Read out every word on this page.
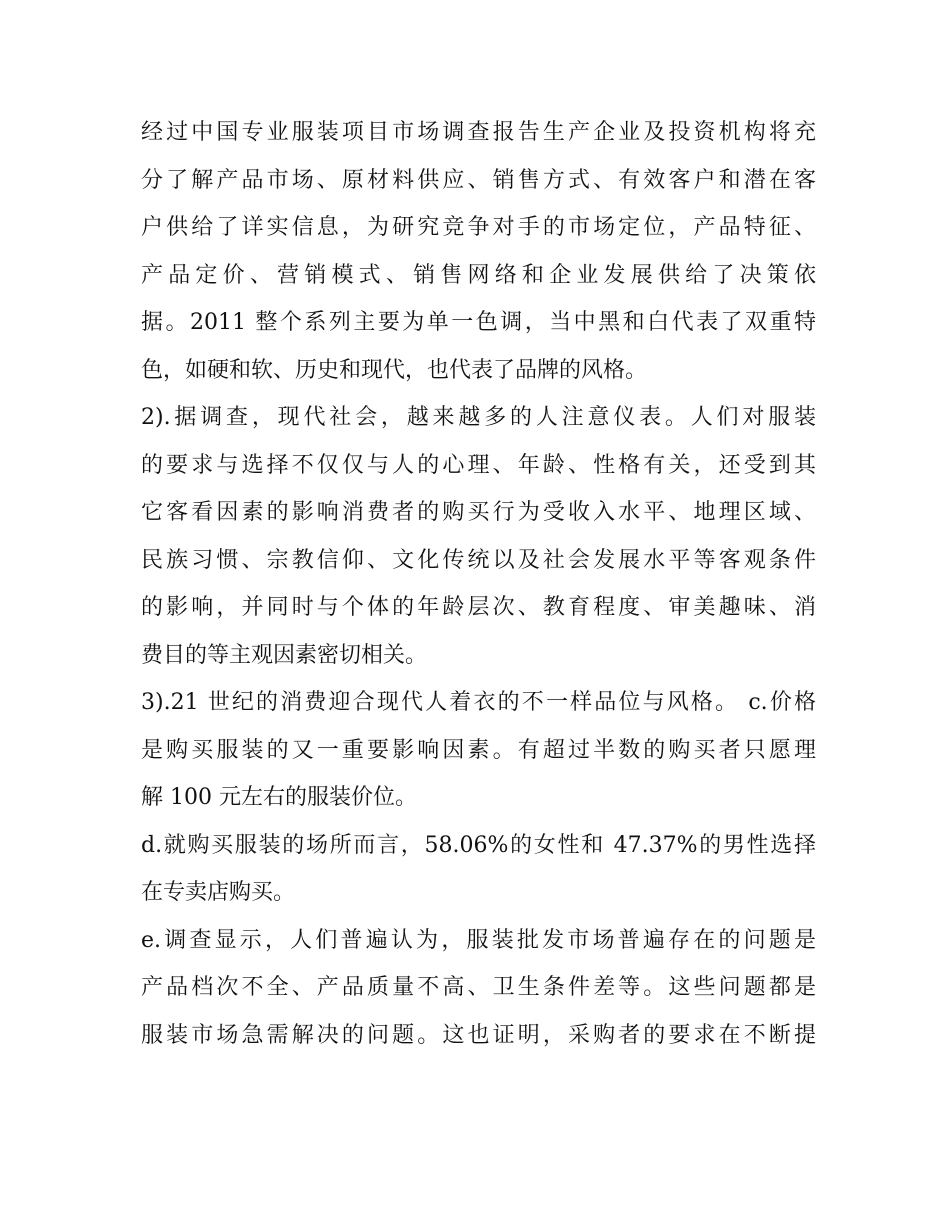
经过中国专业服装项目市场调查报告生产企业及投资机构将充
分了解产品市场、原材料供应、销售方式、有效客户和潜在客
户供给了详实信息，为研究竞争对手的市场定位，产品特征、
产品定价、营销模式、销售网络和企业发展供给了决策依
据。2011 整个系列主要为单一色调，当中黑和白代表了双重特
色，如硬和软、历史和现代，也代表了品牌的风格。
2).据调查，现代社会，越来越多的人注意仪表。人们对服装
的要求与选择不仅仅与人的心理、年龄、性格有关，还受到其
它客看因素的影响消费者的购买行为受收入水平、地理区域、
民族习惯、宗教信仰、文化传统以及社会发展水平等客观条件
的影响，并同时与个体的年龄层次、教育程度、审美趣味、消
费目的等主观因素密切相关。
3).21 世纪的消费迎合现代人着衣的不一样品位与风格。 c.价格
是购买服装的又一重要影响因素。有超过半数的购买者只愿理
解 100 元左右的服装价位。
d.就购买服装的场所而言，58.06%的女性和 47.37%的男性选择
在专卖店购买。
e.调查显示，人们普遍认为，服装批发市场普遍存在的问题是
产品档次不全、产品质量不高、卫生条件差等。这些问题都是
服装市场急需解决的问题。这也证明，采购者的要求在不断提
